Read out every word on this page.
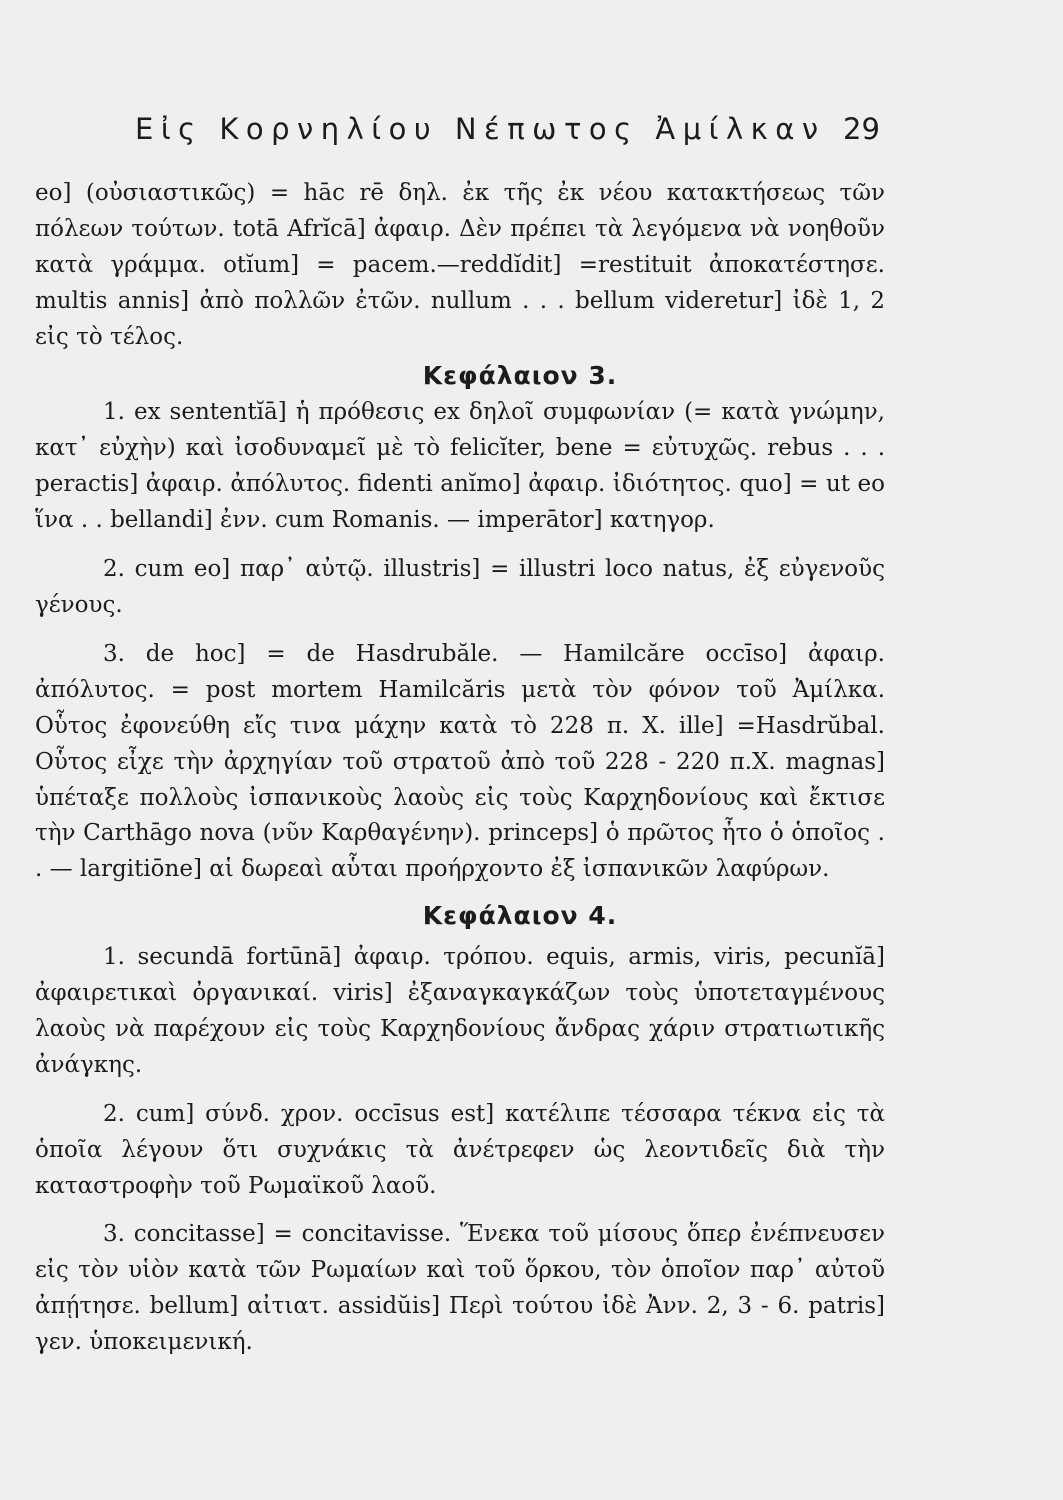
Εἰς Κορνηλίου Νέπωτος Ἀμίλκαν 29

eo] (οὐσιαστικῶς) = hāc rē δηλ. ἐκ τῆς ἐκ νέου κατακτήσεως τῶν πόλεων τούτων. totā Afrĭcā] ἀφαιρ. Δὲν πρέπει τὰ λεγόμενα νὰ νοηθοῦν κατὰ γράμμα. otĭum] = pacem.—reddĭdit] =restituit ἀποκατέστησε. multis annis] ἀπὸ πολλῶν ἐτῶν. nullum . . . bellum videretur] ἰδὲ 1, 2 εἰς τὸ τέλος.

Κεφάλαιον 3.

1. ex sententĭā] ἡ πρόθεσις ex δηλοῖ συμφωνίαν (= κατὰ γνώμην, κατ᾽ εὐχὴν) καὶ ἰσοδυναμεῖ μὲ τὸ felicĭter, bene = εὐτυχῶς. rebus . . . peractis] ἀφαιρ. ἀπόλυτος. fidenti anĭmo] ἀφαιρ. ἰδιότητος. quo] = ut eo ἵνα . . bellandi] ἐνν. cum Romanis. — imperātor] κατηγορ.

2. cum eo] παρ᾽ αὐτῷ. illustris] = illustri loco natus, ἐξ εὐγενοῦς γένους.

3. de hoc] = de Hasdrubăle. — Hamilcăre occīso] ἀφαιρ. ἀπόλυτος. = post mortem Hamilcăris μετὰ τὸν φόνον τοῦ Ἀμίλκα. Οὗτος ἐφονεύθη εἴς τινα μάχην κατὰ τὸ 228 π. Χ. ille] =Hasdrŭbal. Οὗτος εἶχε τὴν ἀρχηγίαν τοῦ στρατοῦ ἀπὸ τοῦ 228 - 220 π.Χ. magnas] ὑπέταξε πολλοὺς ἰσπανικοὺς λαοὺς εἰς τοὺς Καρχηδονίους καὶ ἔκτισε τὴν Carthāgo nova (νῦν Καρθαγένην). princeps] ὁ πρῶτος ἦτο ὁ ὁποῖος . . — largitiōne] αἱ δωρεαὶ αὗται προήρχοντο ἐξ ἰσπανικῶν λαφύρων.

Κεφάλαιον 4.

1. secundā fortūnā] ἀφαιρ. τρόπου. equis, armis, viris, pecunĭā] ἀφαιρετικαὶ ὀργανικαί. viris] ἐξαναγκαγκάζων τοὺς ὑποτεταγμένους λαοὺς νὰ παρέχουν εἰς τοὺς Καρχηδονίους ἄνδρας χάριν στρατιωτικῆς ἀνάγκης.

2. cum] σύνδ. χρον. occīsus est] κατέλιπε τέσσαρα τέκνα εἰς τὰ ὁποῖα λέγουν ὅτι συχνάκις τὰ ἀνέτρεφεν ὡς λεοντιδεῖς διὰ τὴν καταστροφὴν τοῦ Ρωμαϊκοῦ λαοῦ.

3. concitasse] = concitavisse. Ἕνεκα τοῦ μίσους ὅπερ ἐνέπνευσεν εἰς τὸν υἱὸν κατὰ τῶν Ρωμαίων καὶ τοῦ ὅρκου, τὸν ὁποῖον παρ᾽ αὐτοῦ ἀπῄτησε. bellum] αἰτιατ. assidŭis] Περὶ τούτου ἰδὲ Ἀνν. 2, 3 - 6. patris] γεν. ὑποκειμενική.
